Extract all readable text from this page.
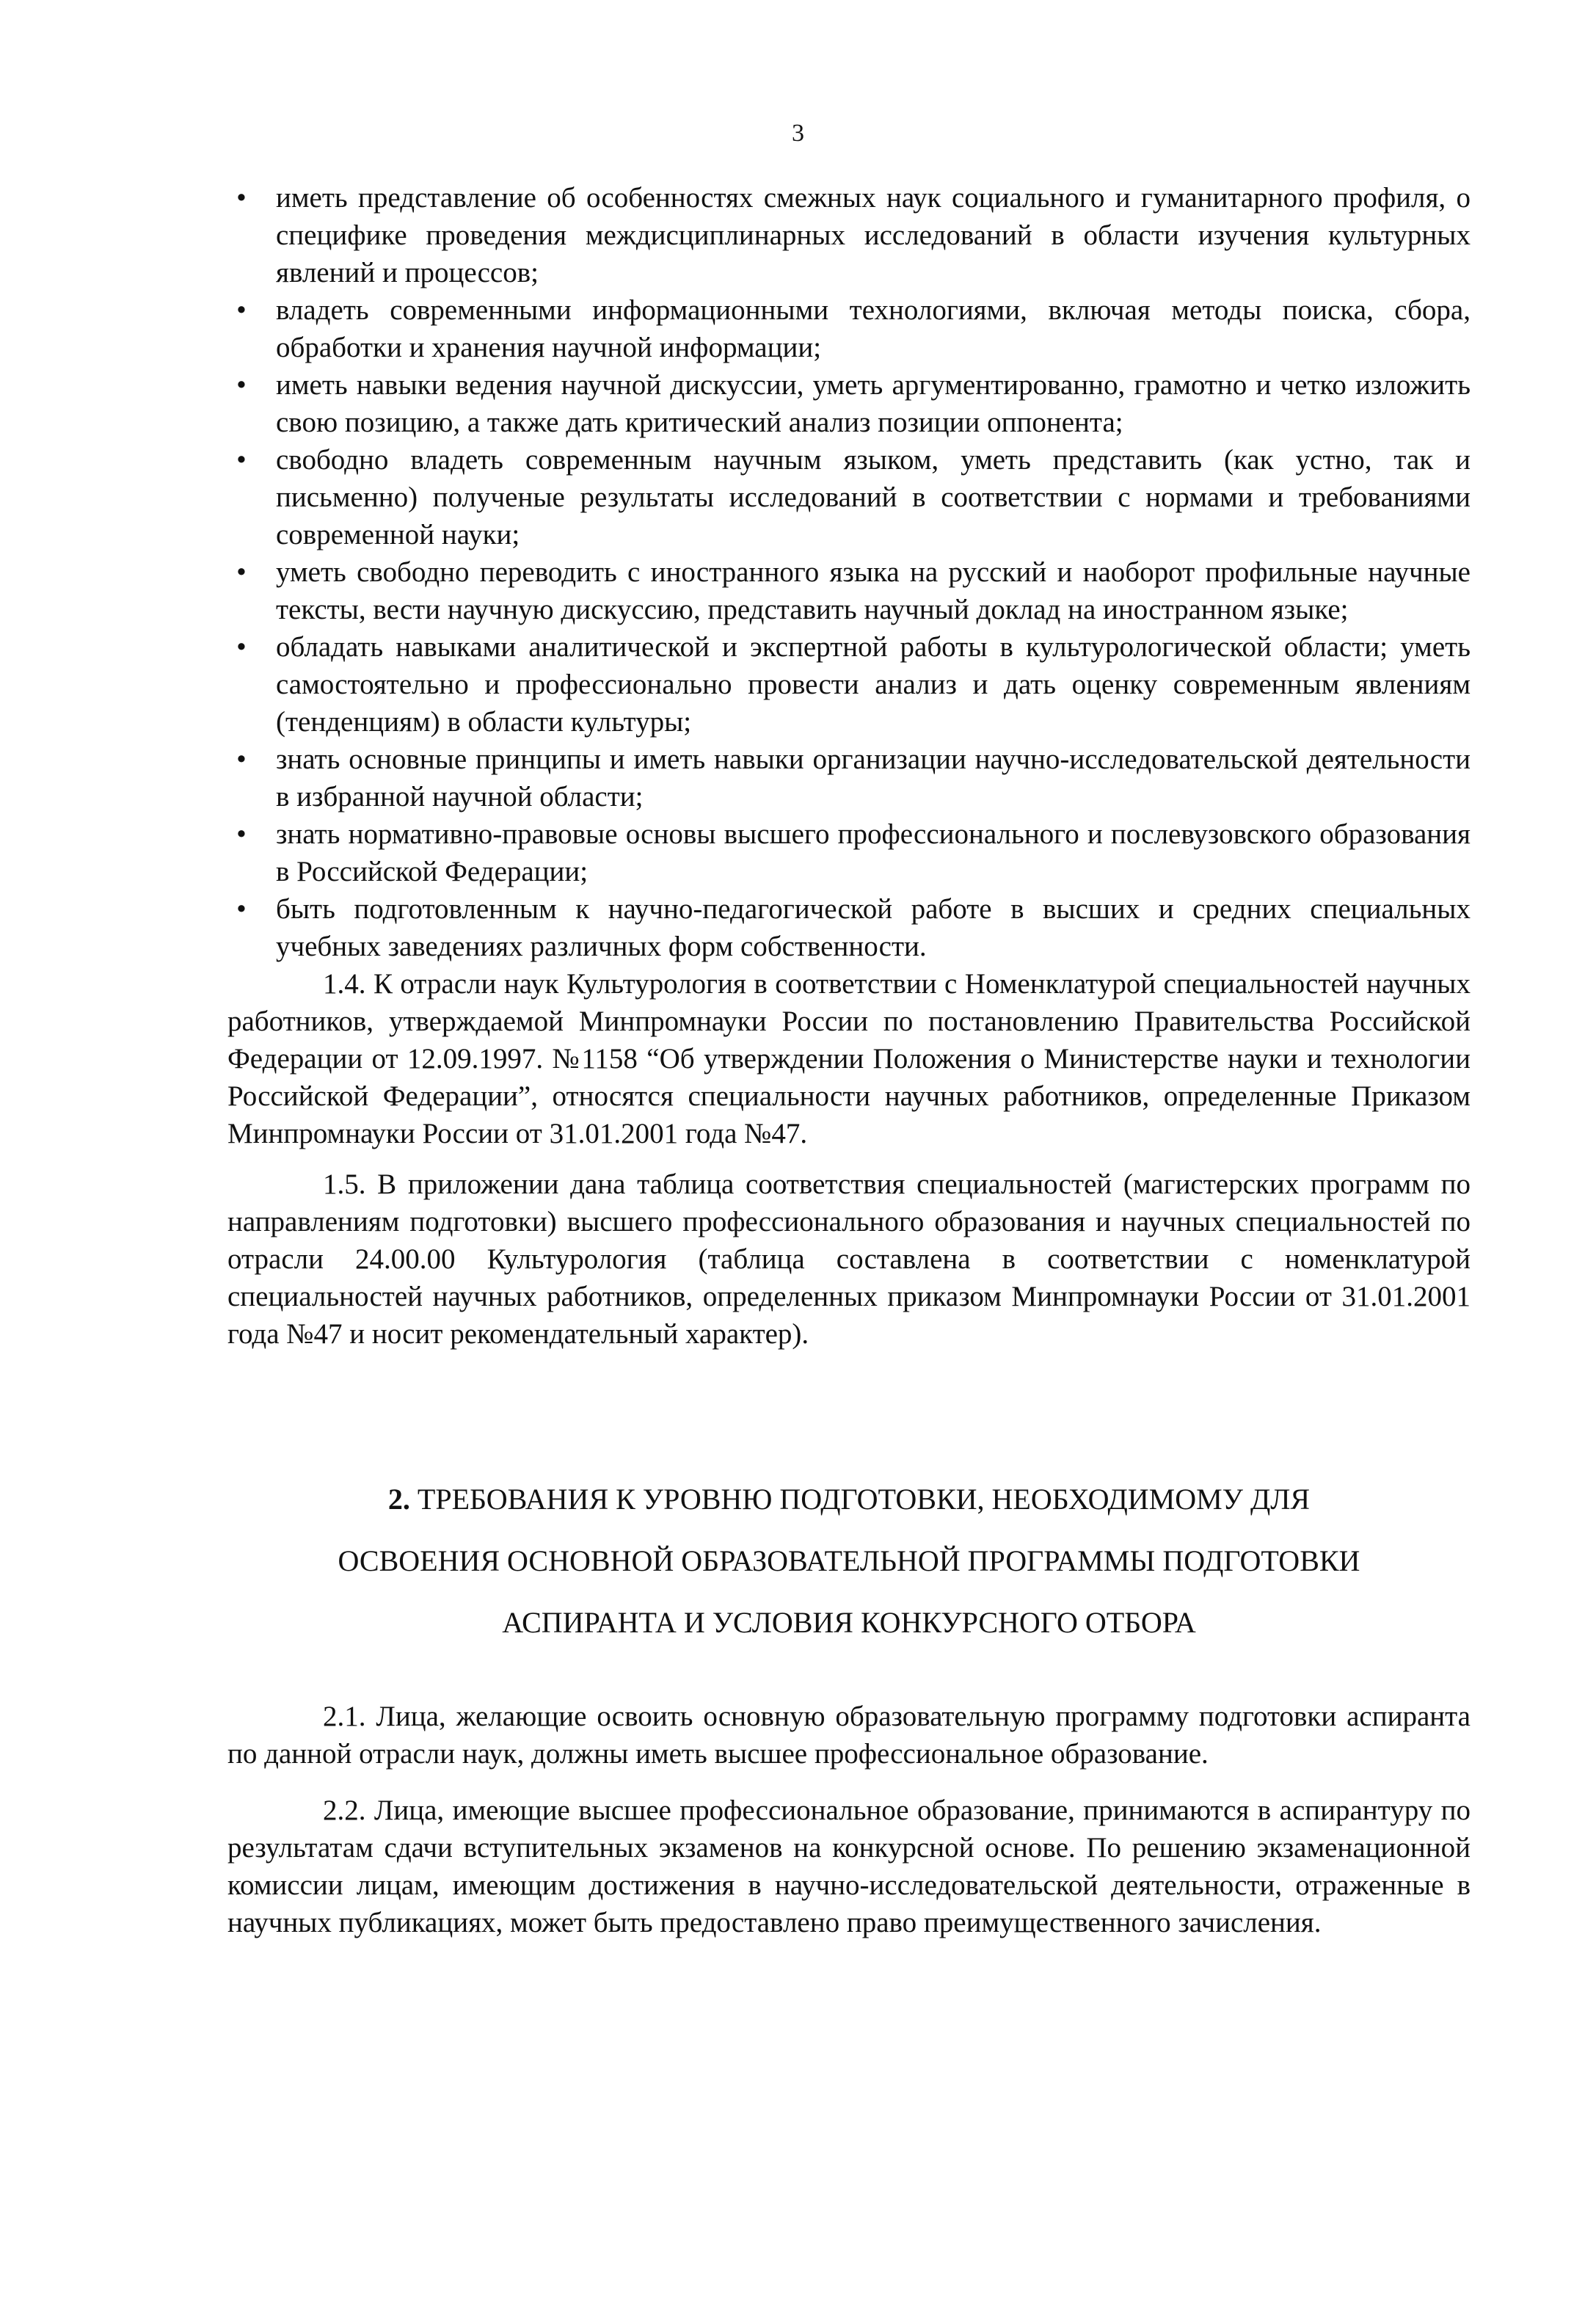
3
• иметь представление об особенностях смежных наук социального и гуманитарного профиля, о специфике проведения междисциплинарных исследований в области изучения культурных явлений и процессов;
• владеть современными информационными технологиями, включая методы поиска, сбора, обработки и хранения научной информации;
• иметь навыки ведения научной дискуссии, уметь аргументированно, грамотно и четко изложить свою позицию, а также дать критический анализ позиции оппонента;
• свободно владеть современным научным языком, уметь представить (как устно, так и письменно) полученые результаты исследований в соответствии с нормами и требованиями современной науки;
• уметь свободно переводить с иностранного языка на русский и наоборот профильные научные тексты, вести научную дискуссию, представить научный доклад на иностранном языке;
• обладать навыками аналитической и экспертной работы в культурологической области; уметь самостоятельно и профессионально провести анализ и дать оценку современным явлениям (тенденциям) в области культуры;
• знать основные принципы и иметь навыки организации научно-исследовательской деятельности в избранной научной области;
• знать нормативно-правовые основы высшего профессионального и послевузовского образования в Российской Федерации;
• быть подготовленным к научно-педагогической работе в высших и средних специальных учебных заведениях различных форм собственности.

1.4. К отрасли наук Культурология в соответствии с Номенклатурой специальностей научных работников, утверждаемой Минпромнауки России по постановлению Правительства Российской Федерации от 12.09.1997. №1158 “Об утверждении Положения о Министерстве науки и технологии Российской Федерации”, относятся специальности научных работников, определенные Приказом Минпромнауки России от 31.01.2001 года №47.

1.5. В приложении дана таблица соответствия специальностей (магистерских программ по направлениям подготовки) высшего профессионального образования и научных специальностей по отрасли 24.00.00 Культурология (таблица составлена в соответствии с номенклатурой специальностей научных работников, определенных приказом Минпромнауки России от 31.01.2001 года №47 и носит рекомендательный характер).

2. ТРЕБОВАНИЯ К УРОВНЮ ПОДГОТОВКИ, НЕОБХОДИМОМУ ДЛЯ
ОСВОЕНИЯ ОСНОВНОЙ ОБРАЗОВАТЕЛЬНОЙ ПРОГРАММЫ ПОДГОТОВКИ
АСПИРАНТА И УСЛОВИЯ КОНКУРСНОГО ОТБОРА

2.1. Лица, желающие освоить основную образовательную программу подготовки аспиранта по данной отрасли наук, должны иметь высшее профессиональное образование.

2.2. Лица, имеющие высшее профессиональное образование, принимаются в аспирантуру по результатам сдачи вступительных экзаменов на конкурсной основе. По решению экзаменационной комиссии лицам, имеющим достижения в научно-исследовательской деятельности, отраженные в научных публикациях, может быть предоставлено право преимущественного зачисления.
